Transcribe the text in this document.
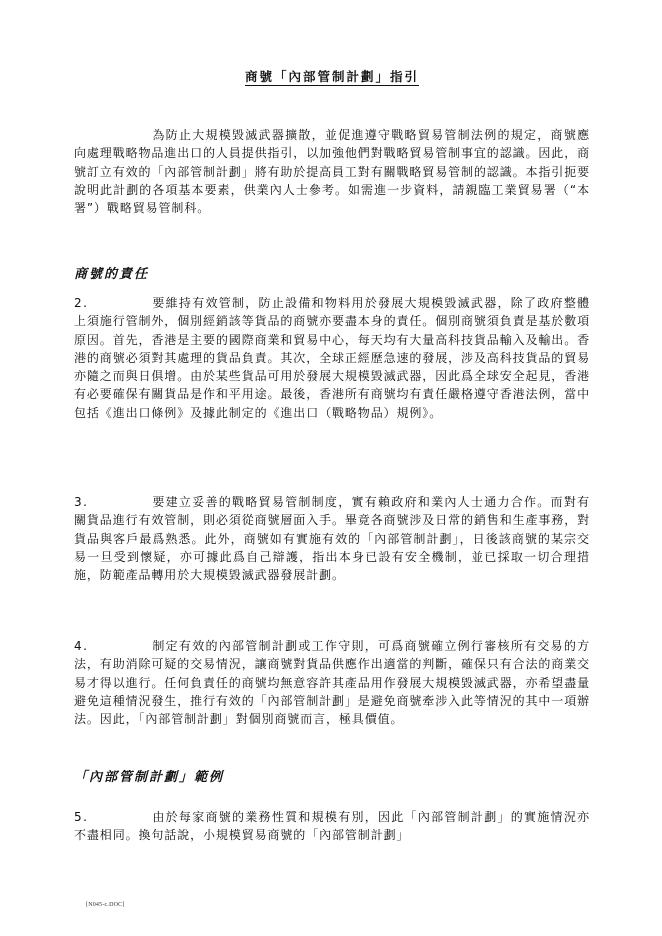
商號「內部管制計劃」指引

為防止大規模毀滅武器擴散，並促進遵守戰略貿易管制法例的規定，商號應向處理戰略物品進出口的人員提供指引，以加強他們對戰略貿易管制事宜的認識。因此，商號訂立有效的「內部管制計劃」將有助於提高員工對有關戰略貿易管制的認識。本指引扼要說明此計劃的各項基本要素，供業內人士參考。如需進一步資料，請親臨工業貿易署（“本署”）戰略貿易管制科。

商號的責任

2.	要維持有效管制，防止設備和物料用於發展大規模毀滅武器，除了政府整體上須施行管制外，個別經銷該等貨品的商號亦要盡本身的責任。個別商號須負責是基於數項原因。首先，香港是主要的國際商業和貿易中心，每天均有大量高科技貨品輸入及輸出。香港的商號必須對其處理的貨品負責。其次，全球正經歷急速的發展，涉及高科技貨品的貿易亦隨之而與日俱增。由於某些貨品可用於發展大規模毀滅武器，因此爲全球安全起見，香港有必要確保有關貨品是作和平用途。最後，香港所有商號均有責任嚴格遵守香港法例，當中包括《進出口條例》及據此制定的《進出口（戰略物品）規例》。

3.	要建立妥善的戰略貿易管制制度，實有賴政府和業內人士通力合作。而對有關貨品進行有效管制，則必須從商號層面入手。畢竟各商號涉及日常的銷售和生產事務，對貨品與客戶最爲熟悉。此外，商號如有實施有效的「內部管制計劃」，日後該商號的某宗交易一旦受到懷疑，亦可據此爲自己辯護，指出本身已設有安全機制，並已採取一切合理措施，防範產品轉用於大規模毀滅武器發展計劃。

4.	制定有效的內部管制計劃或工作守則，可爲商號確立例行審核所有交易的方法，有助消除可疑的交易情況，讓商號對貨品供應作出適當的判斷，確保只有合法的商業交易才得以進行。任何負責任的商號均無意容許其產品用作發展大規模毀滅武器，亦希望盡量避免這種情況發生，推行有效的「內部管制計劃」是避免商號牽涉入此等情況的其中一項辦法。因此，「內部管制計劃」對個別商號而言，極具價值。

「內部管制計劃」範例

5.	由於每家商號的業務性質和規模有別，因此「內部管制計劃」的實施情況亦不盡相同。換句話說，小規模貿易商號的「內部管制計劃」

[N045-c.DOC]
